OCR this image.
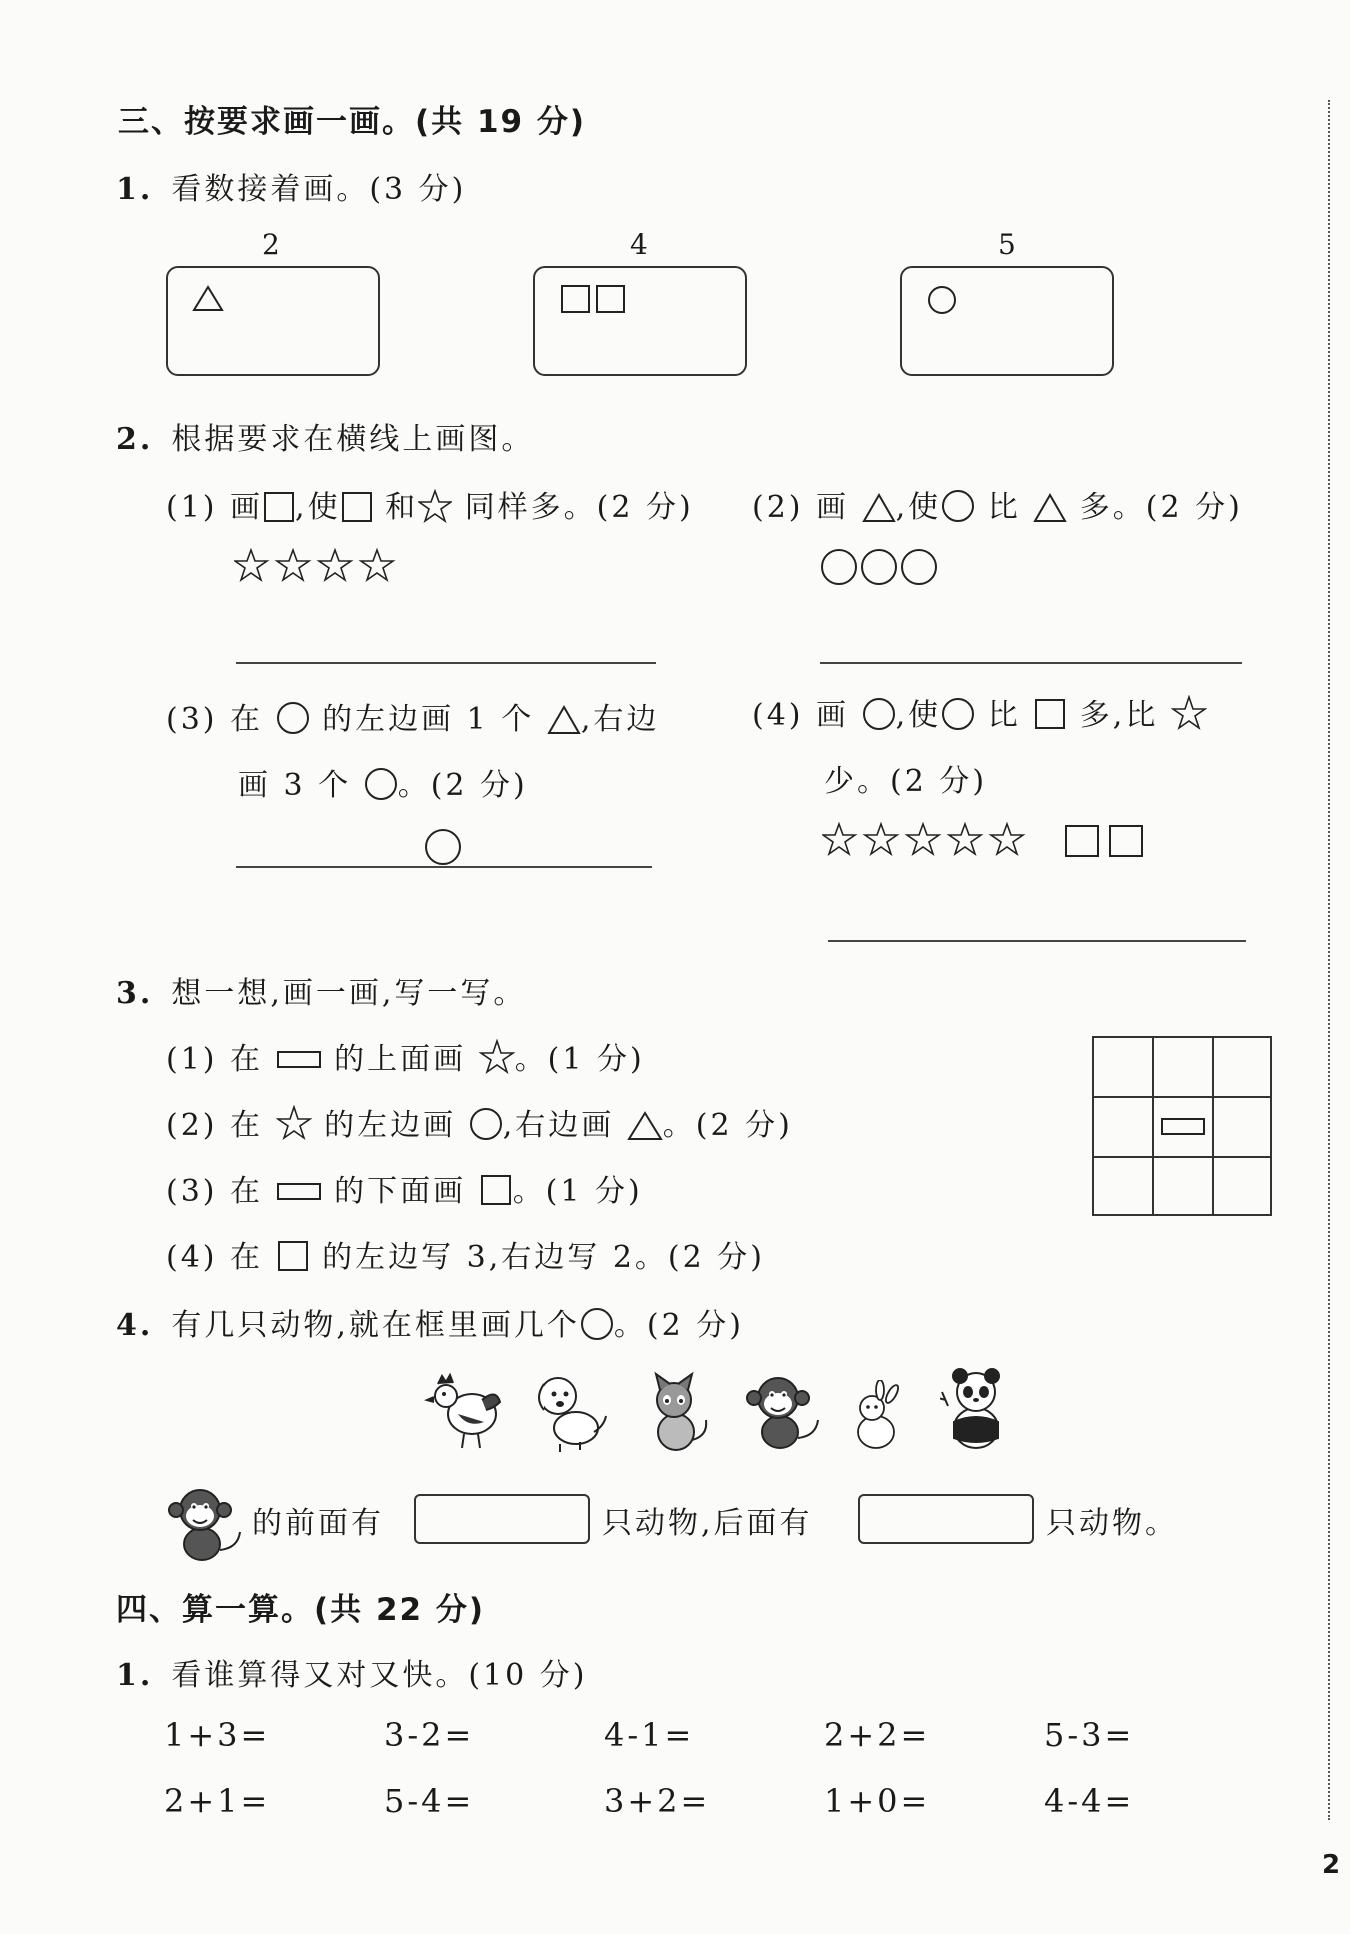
三、按要求画一画。(共 19 分)
1. 看数接着画。(3 分)
2	4	5
2. 根据要求在横线上画图。
(1) 画 ,使 和 同样多。(2 分) (2) 画 ,使 比 多。(2 分)
(3) 在 的左边画 1 个 ,右边
画 3 个 。(2 分)
(4) 画 ,使 比 多,比
少。(2 分)
3. 想一想,画一画,写一写。
(1) 在 的上面画 。(1 分)
(2) 在 的左边画 ,右边画 。(2 分)
(3) 在 的下面画 。(1 分)
(4) 在 的左边写 3,右边写 2。(2 分)
4. 有几只动物,就在框里画几个 。(2 分)
的前面有	只动物,后面有	只动物。
四、算一算。(共 22 分)
1. 看谁算得又对又快。(10 分)
1+3=	3-2=	4-1=	2+2=	5-3=
2+1=	5-4=	3+2=	1+0=	4-4=
2
